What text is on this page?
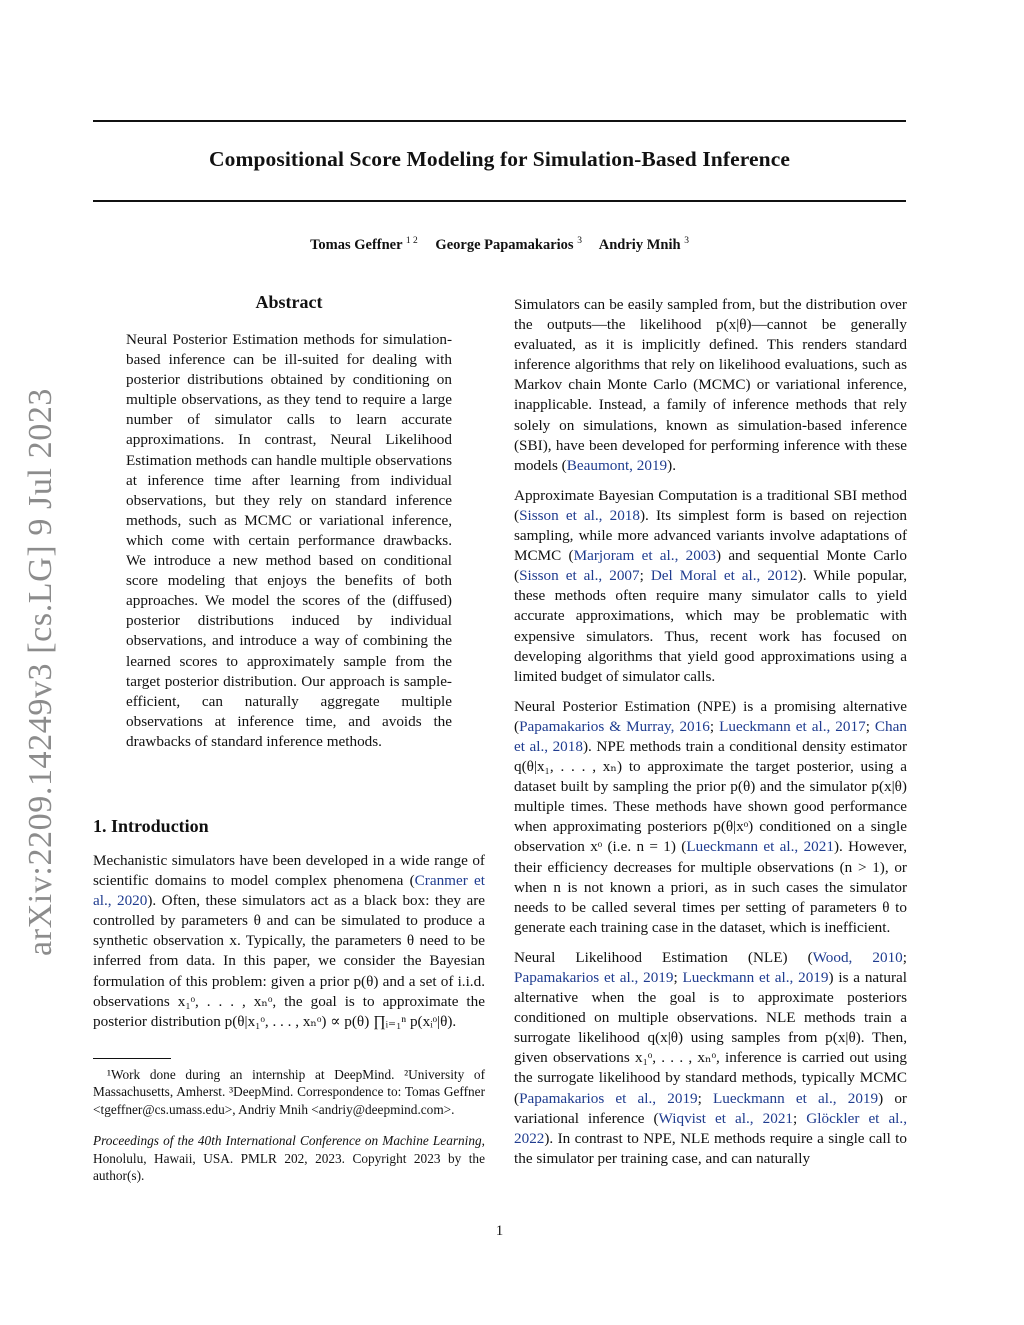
Compositional Score Modeling for Simulation-Based Inference
Tomas Geffner $^{1 2}$ George Papamakarios $^3$ Andriy Mnih $^3$
arXiv:2209.14249v3 [cs.LG] 9 Jul 2023
Abstract

Neural Posterior Estimation methods for simulation-based inference can be ill-suited for dealing with posterior distributions obtained by conditioning on multiple observations, as they tend to require a large number of simulator calls to learn accurate approximations. In contrast, Neural Likelihood Estimation methods can handle multiple observations at inference time after learning from individual observations, but they rely on standard inference methods, such as MCMC or variational inference, which come with certain performance drawbacks. We introduce a new method based on conditional score modeling that enjoys the benefits of both approaches. We model the scores of the (diffused) posterior distributions induced by individual observations, and introduce a way of combining the learned scores to approximately sample from the target posterior distribution. Our approach is sample-efficient, can naturally aggregate multiple observations at inference time, and avoids the drawbacks of standard inference methods.

1. Introduction

Mechanistic simulators have been developed in a wide range of scientific domains to model complex phenomena (Cranmer et al., 2020). Often, these simulators act as a black box: they are controlled by parameters θ and can be simulated to produce a synthetic observation x. Typically, the parameters θ need to be inferred from data. In this paper, we consider the Bayesian formulation of this problem: given a prior p(θ) and a set of i.i.d. observations x₁ᵒ, . . . , xₙᵒ, the goal is to approximate the posterior distribution p(θ|x₁ᵒ, . . . , xₙᵒ) ∝ p(θ) ∏ᵢ₌₁ⁿ p(xᵢᵒ|θ).

¹Work done during an internship at DeepMind. ²University of Massachusetts, Amherst. ³DeepMind. Correspondence to: Tomas Geffner <tgeffner@cs.umass.edu>, Andriy Mnih <andriy@deepmind.com>.

Proceedings of the 40th International Conference on Machine Learning, Honolulu, Hawaii, USA. PMLR 202, 2023. Copyright 2023 by the author(s).

Simulators can be easily sampled from, but the distribution over the outputs—the likelihood p(x|θ)—cannot be generally evaluated, as it is implicitly defined. This renders standard inference algorithms that rely on likelihood evaluations, such as Markov chain Monte Carlo (MCMC) or variational inference, inapplicable. Instead, a family of inference methods that rely solely on simulations, known as simulation-based inference (SBI), have been developed for performing inference with these models (Beaumont, 2019).

Approximate Bayesian Computation is a traditional SBI method (Sisson et al., 2018). Its simplest form is based on rejection sampling, while more advanced variants involve adaptations of MCMC (Marjoram et al., 2003) and sequential Monte Carlo (Sisson et al., 2007; Del Moral et al., 2012). While popular, these methods often require many simulator calls to yield accurate approximations, which may be problematic with expensive simulators. Thus, recent work has focused on developing algorithms that yield good approximations using a limited budget of simulator calls.

Neural Posterior Estimation (NPE) is a promising alternative (Papamakarios & Murray, 2016; Lueckmann et al., 2017; Chan et al., 2018). NPE methods train a conditional density estimator q(θ|x₁, . . . , xₙ) to approximate the target posterior, using a dataset built by sampling the prior p(θ) and the simulator p(x|θ) multiple times. These methods have shown good performance when approximating posteriors p(θ|xᵒ) conditioned on a single observation xᵒ (i.e. n = 1) (Lueckmann et al., 2021). However, their efficiency decreases for multiple observations (n > 1), or when n is not known a priori, as in such cases the simulator needs to be called several times per setting of parameters θ to generate each training case in the dataset, which is inefficient.

Neural Likelihood Estimation (NLE) (Wood, 2010; Papamakarios et al., 2019; Lueckmann et al., 2019) is a natural alternative when the goal is to approximate posteriors conditioned on multiple observations. NLE methods train a surrogate likelihood q(x|θ) using samples from p(x|θ). Then, given observations x₁ᵒ, . . . , xₙᵒ, inference is carried out using the surrogate likelihood by standard methods, typically MCMC (Papamakarios et al., 2019; Lueckmann et al., 2019) or variational inference (Wiqvist et al., 2021; Glöckler et al., 2022). In contrast to NPE, NLE methods require a single call to the simulator per training case, and can naturally

1
